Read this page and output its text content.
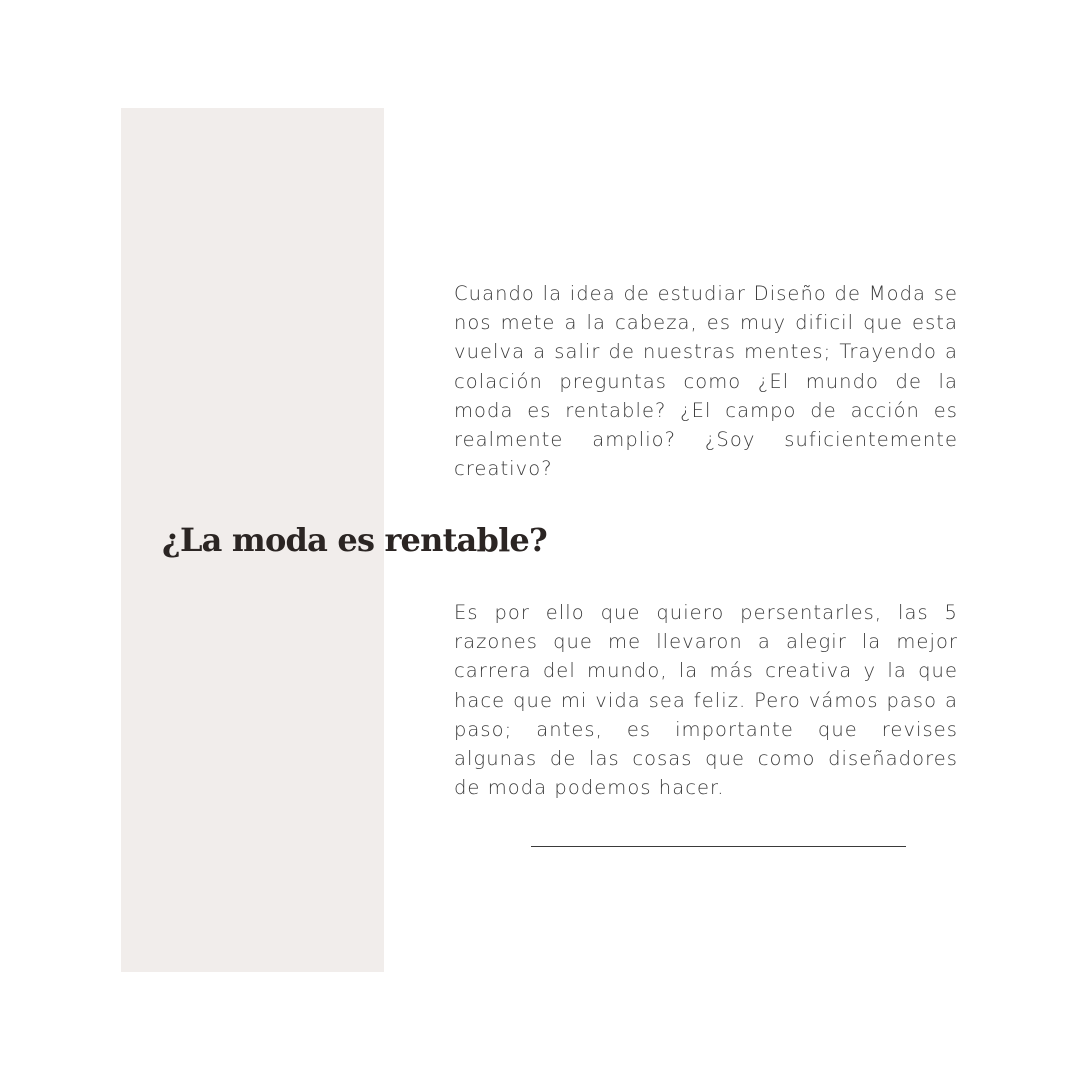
Cuando la idea de estudiar Diseño de Moda se nos mete a la cabeza, es muy dificil que esta vuelva a salir de nuestras mentes; Trayendo a colación preguntas como ¿El mundo de la moda es rentable? ¿El campo de acción es realmente amplio? ¿Soy suficientemente creativo?

¿La moda es rentable?

Es por ello que quiero persentarles, las 5 razones que me llevaron a alegir la mejor carrera del mundo, la más creativa y la que hace que mi vida sea feliz. Pero vámos paso a paso; antes, es importante que revises algunas de las cosas que como diseñadores de moda podemos hacer.
